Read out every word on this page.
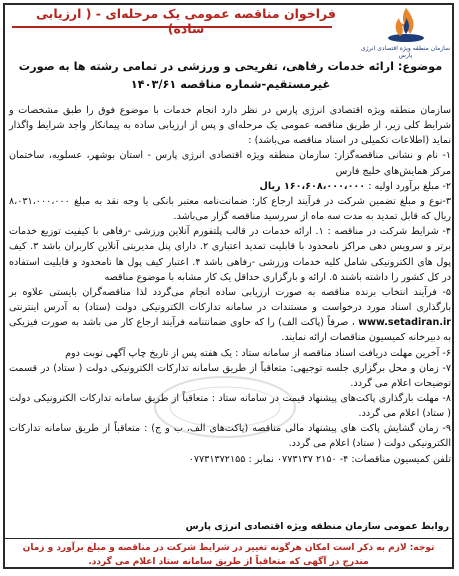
سازمان منطقه ویژه اقتصادی انرژی پارس
فراخوان مناقصه عمومی یک مرحله‌ای - ( ارزیابی ساده)
موضوع: ارائه خدمات رفاهی، تفریحی و ورزشی در تمامی رشته ها به صورت غیرمستقیم-شماره مناقصه ۱۴۰۳/۶۱

سازمان منطقه ویژه اقتصادی انرژی پارس در نظر دارد انجام خدمات با موضوع فوق را طبق مشخصات و شرایط کلی زیر، از طریق مناقصه عمومی یک مرحله‌ای و پس از ارزیابی ساده به پیمانکار واجد شرایط واگذار نماید (اطلاعات تکمیلی در اسناد مناقصه می‌باشد) :

۱- نام و نشانی مناقصه‌گزار: سازمان منطقه ویژه اقتصادی انرژی پارس - استان بوشهر، عسلویه، ساختمان مرکز همایش‌های خلیج فارس

۲- مبلغ برآورد اولیه : ۱۶۰،۶۰۸،۰۰۰،۰۰۰ ریال

۳-نوع و مبلغ تضمین شرکت در فرآیند ارجاع کار: ضمانت‌نامه معتبر بانکی یا وجه نقد به مبلغ ۸،۰۳۱،۰۰۰،۰۰۰ ریال که قابل تمدید به مدت سه ماه از سررسید مناقصه گزار می‌باشد.

۴- شرایط شرکت در مناقصه : ۱. ارائه خدمات در قالب پلتفورم آنلاین ورزشی -رفاهی با کیفیت توزیع خدمات برتر و سرویس دهی مراکز نامحدود با قابلیت تمدید اعتباری ۲. دارای پنل مدیریتی آنلاین کاربران باشد ۳. کیف پول های الکترونیکی شامل کلیه خدمات ورزشی -رفاهی باشد ۴. اعتبار کیف پول ها نامحدود و قابلیت استفاده در کل کشور را داشته باشند ۵. ارائه و بارگزاری حداقل یک کار مشابه با موضوع مناقصه

۵- فرآیند انتخاب برنده مناقصه به صورت ارزیابی ساده انجام می‌گردد لذا مناقصه‌گران بایستی علاوه بر بارگذاری اسناد مورد درخواست و مستندات در سامانه تدارکات الکترونیکی دولت (ستاد) به آدرس اینترنتی www.setadiran.ir ، صرفاً (پاکت الف) را که حاوی ضمانتنامه فرآیند ارجاع کار می باشد به صورت فیزیکی به دبیرخانه کمیسیون مناقصات ارائه نمایند.

۶- آخرین مهلت دریافت اسناد مناقصه از سامانه ستاد : یک هفته پس از تاریخ چاپ آگهی نوبت دوم

۷- زمان و محل برگزاری جلسه توجیهی: متعاقباً از طریق سامانه تدارکات الکترونیکی دولت ( ستاد) در قسمت توضیحات اعلام می گردد.

۸- مهلت بارگذاری پاکت‌های پیشنهاد قیمت در سامانه ستاد : متعاقباً از طریق سامانه تدارکات الکترونیکی دولت ( ستاد) اعلام می گردد.

۹- زمان گشایش پاکت های پیشنهاد مالی مناقصه (پاکت‌های الف، ب و ج) : متعاقباً از طریق سامانه تدارکات الکترونیکی دولت ( ستاد) اعلام می گردد.

تلفن کمیسیون مناقصات: ۴- ۲۱۵۰ ۰۷۷۳۱۳۷ نمابر : ۰۷۷۳۱۳۷۲۱۵۵

روابط عمومی سازمان منطقه ویژه اقتصادی انرژی پارس
توجه: لازم به ذکر است امکان هرگونه تغییر در شرایط شرکت در مناقصه و مبلغ برآورد و زمان مندرج در آگهی که متعاقباً از طریق سامانه ستاد اعلام می گردد.
